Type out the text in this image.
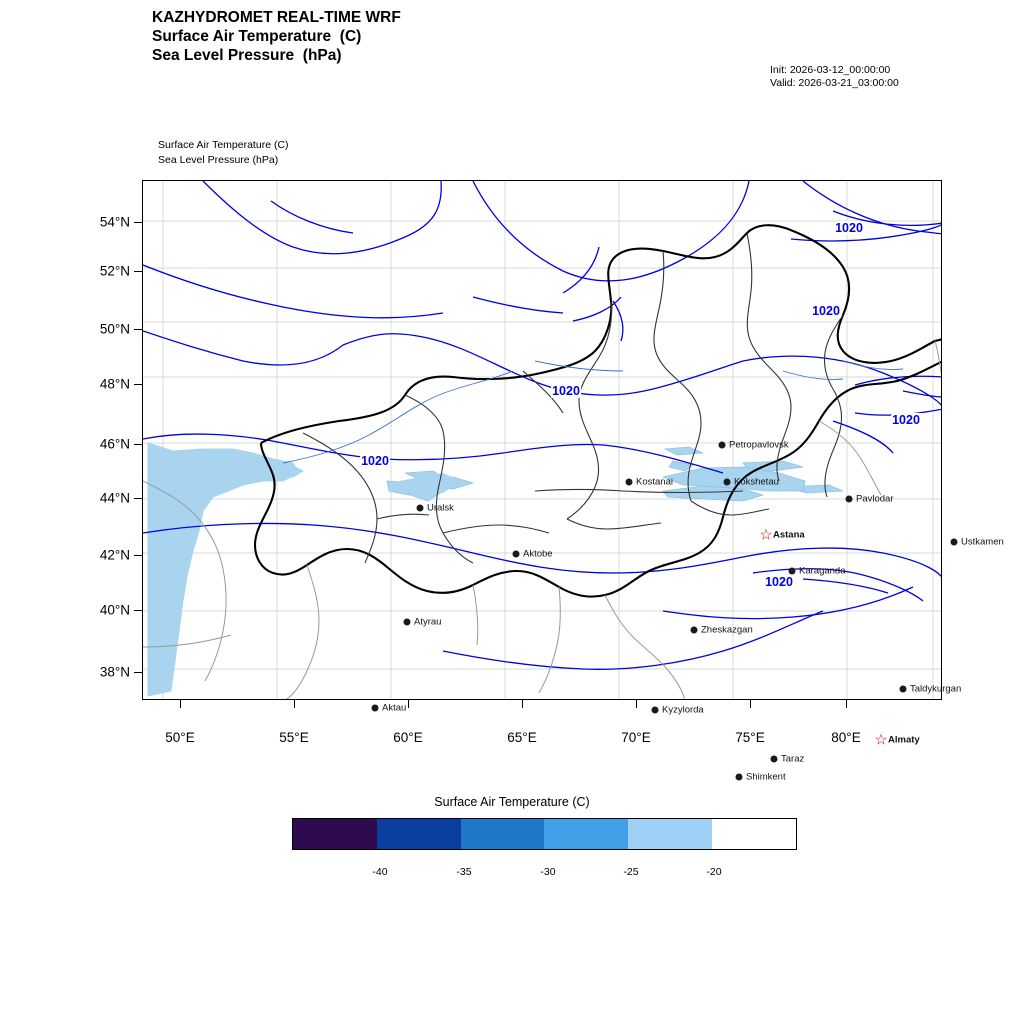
KAZHYDROMET REAL-TIME WRF
Surface Air Temperature  (C)
Sea Level Pressure  (hPa)
Init: 2026-03-12_00:00:00
Valid: 2026-03-21_03:00:00
Surface Air Temperature (C)
Sea Level Pressure (hPa)
Uralsk
Aktobe
Atyrau
Aktau
Kostanai
Petropavlovsk
Kokshetau
Pavlodar
Ustkamen
Karaganda
Zheskazgan
Taldykurgan
Kyzylorda
Taraz
Shimkent
☆ Astana
☆ Almaty
1020
1020
1020
1020
1020
1020
54°N
52°N
50°N
48°N
46°N
44°N
42°N
40°N
38°N
50°E	55°E	60°E	65°E	70°E	75°E	80°E
Surface Air Temperature (C)
-40	-35	-30	-25	-20
